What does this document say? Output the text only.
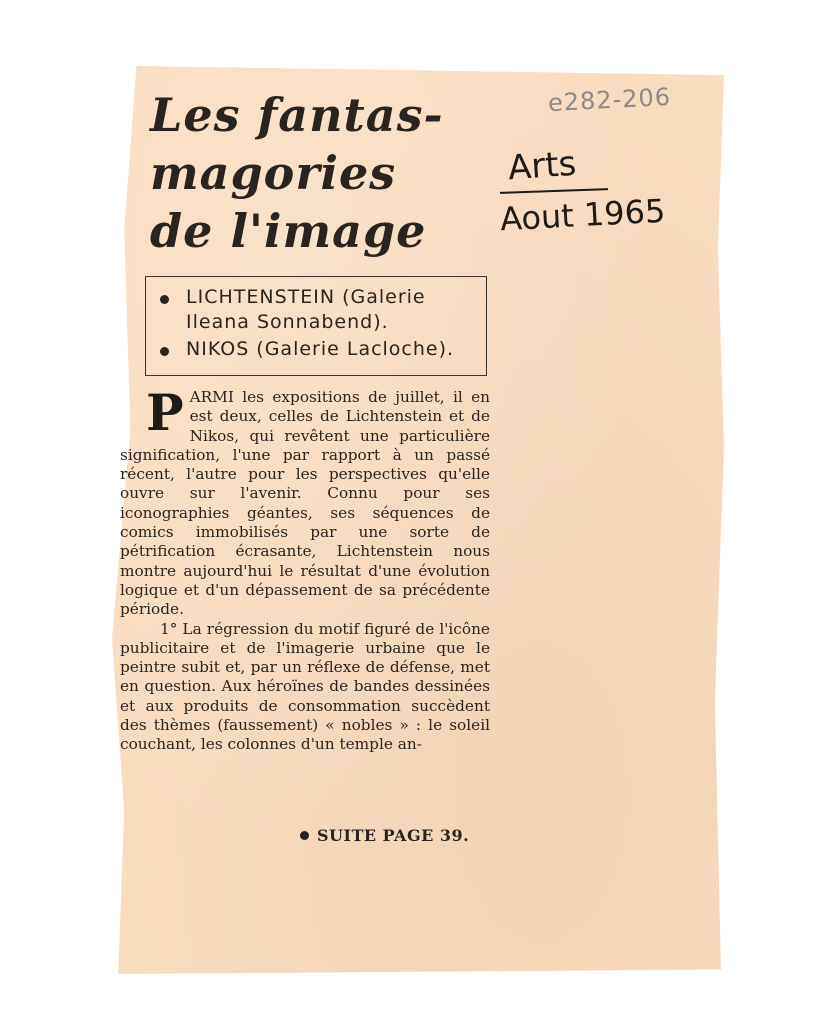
Les fantas-
magories
de l'image
LICHTENSTEIN (Galerie
Ileana Sonnabend).
NIKOS (Galerie Lacloche).
P ARMI les expositions de juillet, il en est deux, celles de Lichtenstein et de Nikos, qui revêtent une particulière signification, l'une par rapport à un passé récent, l'autre pour les perspectives qu'elle ouvre sur l'avenir. Connu pour ses iconographies géantes, ses séquences de comics immobilisés par une sorte de pétrification écrasante, Lichtenstein nous montre aujourd'hui le résultat d'une évolution logique et d'un dépassement de sa précédente période.

1° La régression du motif figuré de l'icône publicitaire et de l'imagerie urbaine que le peintre subit et, par un réflexe de défense, met en question. Aux héroïnes de bandes dessinées et aux produits de consommation succèdent des thèmes (faussement) « nobles » : le soleil couchant, les colonnes d'un temple an-

SUITE PAGE 39.
e282-206
Arts
Aout 1965
